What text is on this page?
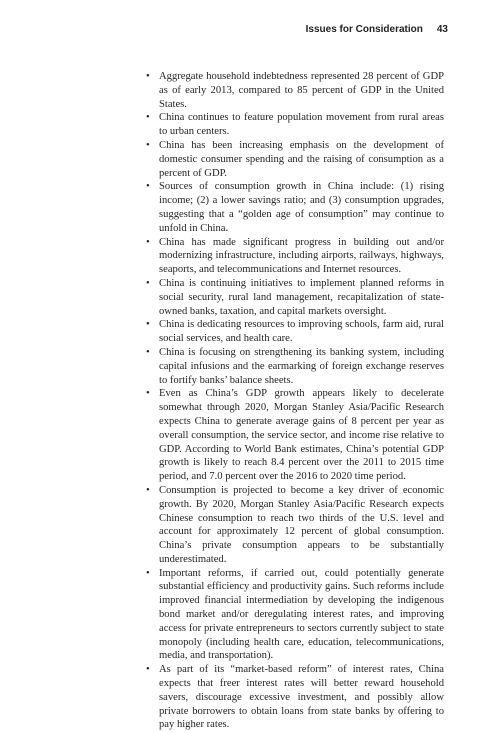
Issues for Consideration 43
• Aggregate household indebtedness represented 28 percent of GDP as of early 2013, compared to 85 percent of GDP in the United States.
• China continues to feature population movement from rural areas to urban centers.
• China has been increasing emphasis on the development of domestic consumer spending and the raising of consumption as a percent of GDP.
• Sources of consumption growth in China include: (1) rising income; (2) a lower savings ratio; and (3) consumption upgrades, suggesting that a “golden age of consumption” may continue to unfold in China.
• China has made significant progress in building out and/or modernizing infrastructure, including airports, railways, highways, seaports, and telecommunications and Internet resources.
• China is continuing initiatives to implement planned reforms in social security, rural land management, recapitalization of state-owned banks, taxation, and capital markets oversight.
• China is dedicating resources to improving schools, farm aid, rural social services, and health care.
• China is focusing on strengthening its banking system, including capital infusions and the earmarking of foreign exchange reserves to fortify banks’ balance sheets.
• Even as China’s GDP growth appears likely to decelerate somewhat through 2020, Morgan Stanley Asia/Pacific Research expects China to generate average gains of 8 percent per year as overall consumption, the service sector, and income rise relative to GDP. According to World Bank estimates, China’s potential GDP growth is likely to reach 8.4 percent over the 2011 to 2015 time period, and 7.0 percent over the 2016 to 2020 time period.
• Consumption is projected to become a key driver of economic growth. By 2020, Morgan Stanley Asia/Pacific Research expects Chinese consumption to reach two thirds of the U.S. level and account for approximately 12 percent of global consumption. China’s private consumption appears to be substantially underestimated.
• Important reforms, if carried out, could potentially generate substantial efficiency and productivity gains. Such reforms include improved financial intermediation by developing the indigenous bond market and/or deregulating interest rates, and improving access for private entrepreneurs to sectors currently subject to state monopoly (including health care, education, telecommunications, media, and transportation).
• As part of its “market-based reform” of interest rates, China expects that freer interest rates will better reward household savers, discourage excessive investment, and possibly allow private borrowers to obtain loans from state banks by offering to pay higher rates.
